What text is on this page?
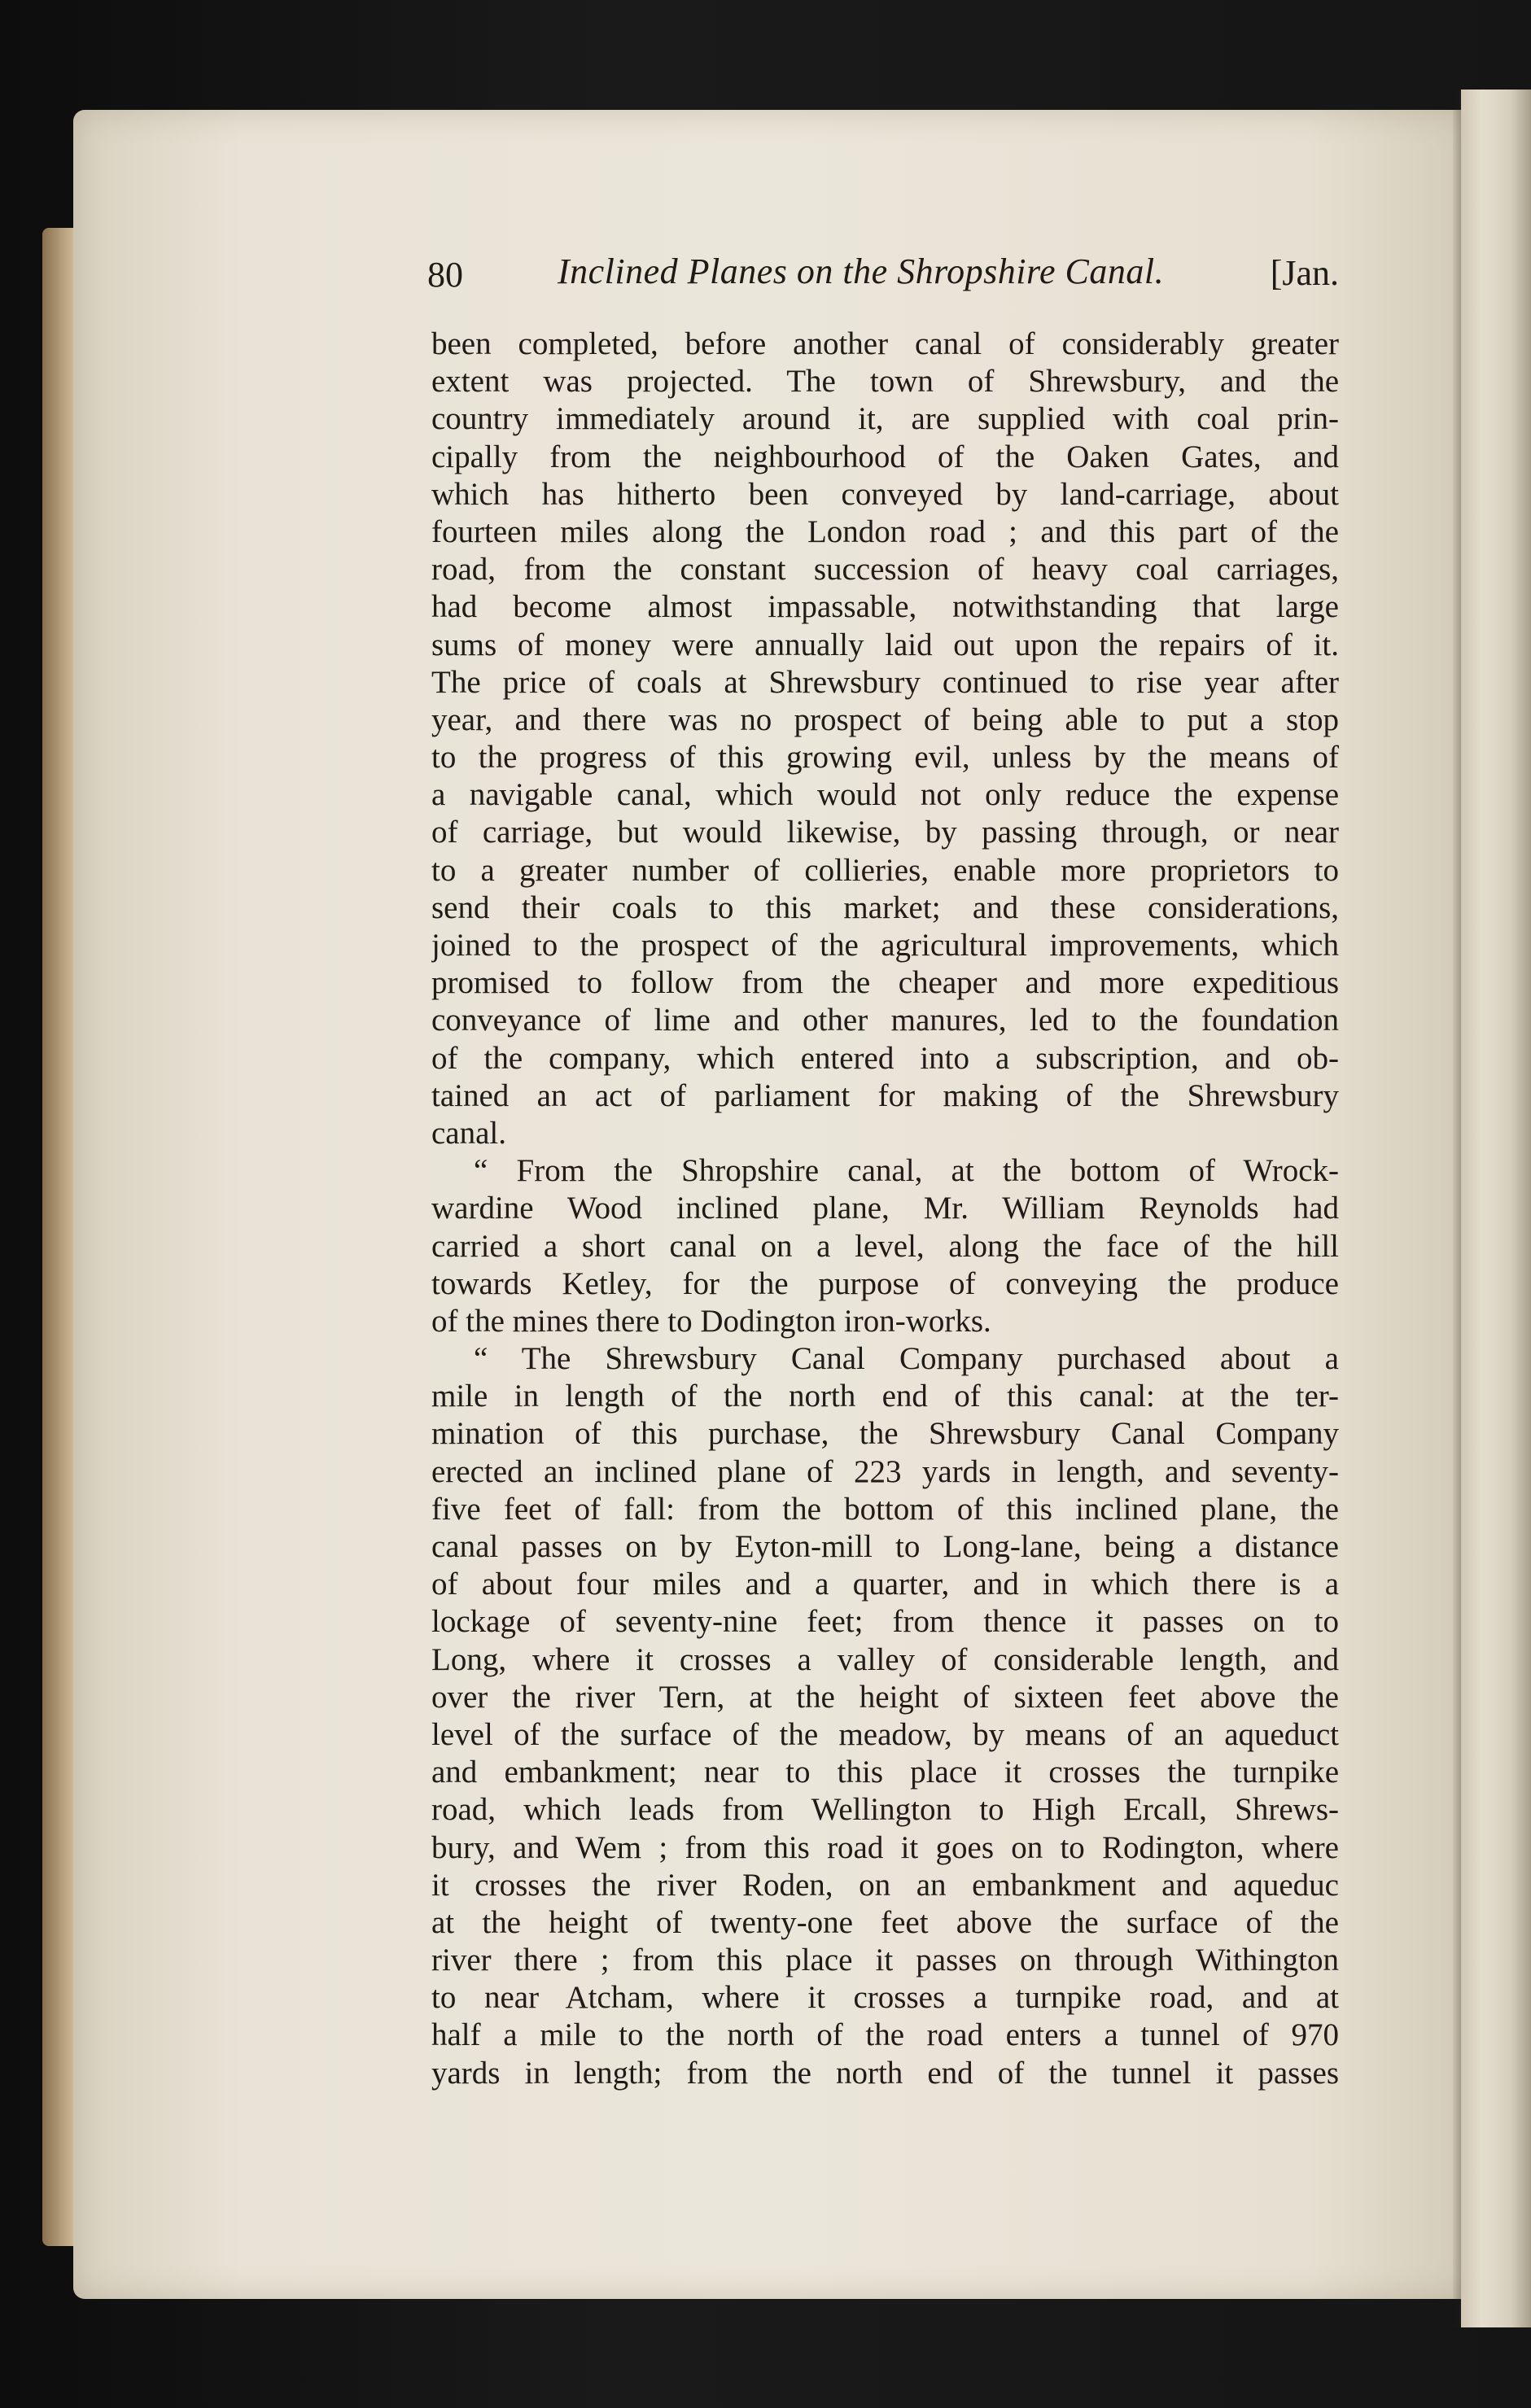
80	Inclined Planes on the Shropshire Canal.	[Jan.
been completed, before another canal of considerably greater
extent was projected. The town of Shrewsbury, and the
country immediately around it, are supplied with coal prin-
cipally from the neighbourhood of the Oaken Gates, and
which has hitherto been conveyed by land-carriage, about
fourteen miles along the London road ; and this part of the
road, from the constant succession of heavy coal carriages,
had become almost impassable, notwithstanding that large
sums of money were annually laid out upon the repairs of it.
The price of coals at Shrewsbury continued to rise year after
year, and there was no prospect of being able to put a stop
to the progress of this growing evil, unless by the means of
a navigable canal, which would not only reduce the expense
of carriage, but would likewise, by passing through, or near
to a greater number of collieries, enable more proprietors to
send their coals to this market; and these considerations,
joined to the prospect of the agricultural improvements, which
promised to follow from the cheaper and more expeditious
conveyance of lime and other manures, led to the foundation
of the company, which entered into a subscription, and ob-
tained an act of parliament for making of the Shrewsbury
canal.
“ From the Shropshire canal, at the bottom of Wrock-
wardine Wood inclined plane, Mr. William Reynolds had
carried a short canal on a level, along the face of the hill
towards Ketley, for the purpose of conveying the produce
of the mines there to Dodington iron-works.
“ The Shrewsbury Canal Company purchased about a
mile in length of the north end of this canal: at the ter-
mination of this purchase, the Shrewsbury Canal Company
erected an inclined plane of 223 yards in length, and seventy-
five feet of fall: from the bottom of this inclined plane, the
canal passes on by Eyton-mill to Long-lane, being a distance
of about four miles and a quarter, and in which there is a
lockage of seventy-nine feet; from thence it passes on to
Long, where it crosses a valley of considerable length, and
over the river Tern, at the height of sixteen feet above the
level of the surface of the meadow, by means of an aqueduct
and embankment; near to this place it crosses the turnpike
road, which leads from Wellington to High Ercall, Shrews-
bury, and Wem ; from this road it goes on to Rodington, where
it crosses the river Roden, on an embankment and aqueduc
at the height of twenty-one feet above the surface of the
river there ; from this place it passes on through Withington
to near Atcham, where it crosses a turnpike road, and at
half a mile to the north of the road enters a tunnel of 970
yards in length; from the north end of the tunnel it passes
